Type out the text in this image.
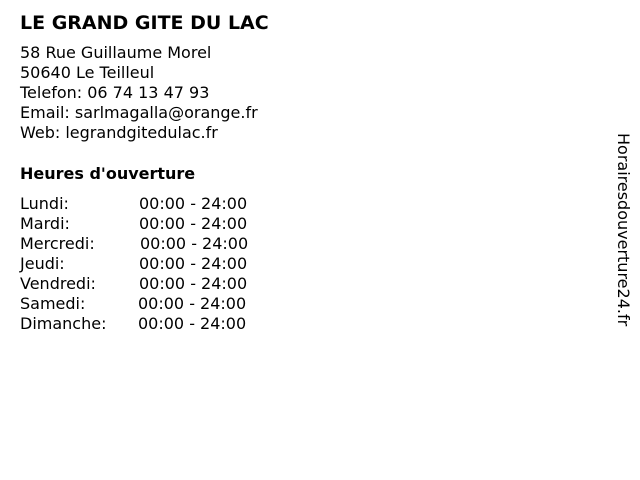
LE GRAND GITE DU LAC
58 Rue Guillaume Morel
50640 Le Teilleul
Telefon: 06 74 13 47 93
Email: sarlmagalla@orange.fr
Web: legrandgitedulac.fr
Heures d'ouverture
Lundi:	00:00 - 24:00
Mardi:	00:00 - 24:00
Mercredi:	00:00 - 24:00
Jeudi:	00:00 - 24:00
Vendredi:	00:00 - 24:00
Samedi:	00:00 - 24:00
Dimanche: 00:00 - 24:00	Horairesdouverture24.fr
